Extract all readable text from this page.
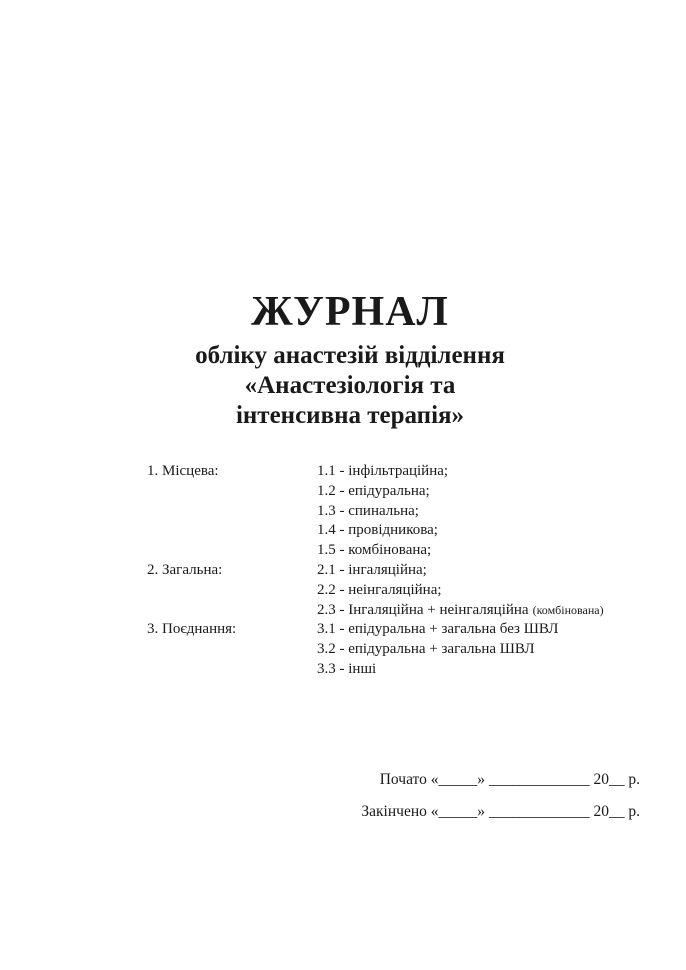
ЖУРНАЛ
обліку анастезій відділення
«Анастезіологія та
інтенсивна терапія»
1. Місцева:	1.1 - інфільтраційна;
1.2 - епідуральна;
1.3 - спинальна;
1.4 - провідникова;
1.5 - комбінована;
2. Загальна:	2.1 - інгаляційна;
2.2 - неінгаляційна;
2.3 - Інгаляційна + неінгаляційна (комбінована)
3. Поєднання:	3.1 - епідуральна + загальна без ШВЛ
3.2 - епідуральна + загальна ШВЛ
3.3 - інші
Почато «_____» _____________ 20__ р.
Закінчено «_____» _____________ 20__ р.
